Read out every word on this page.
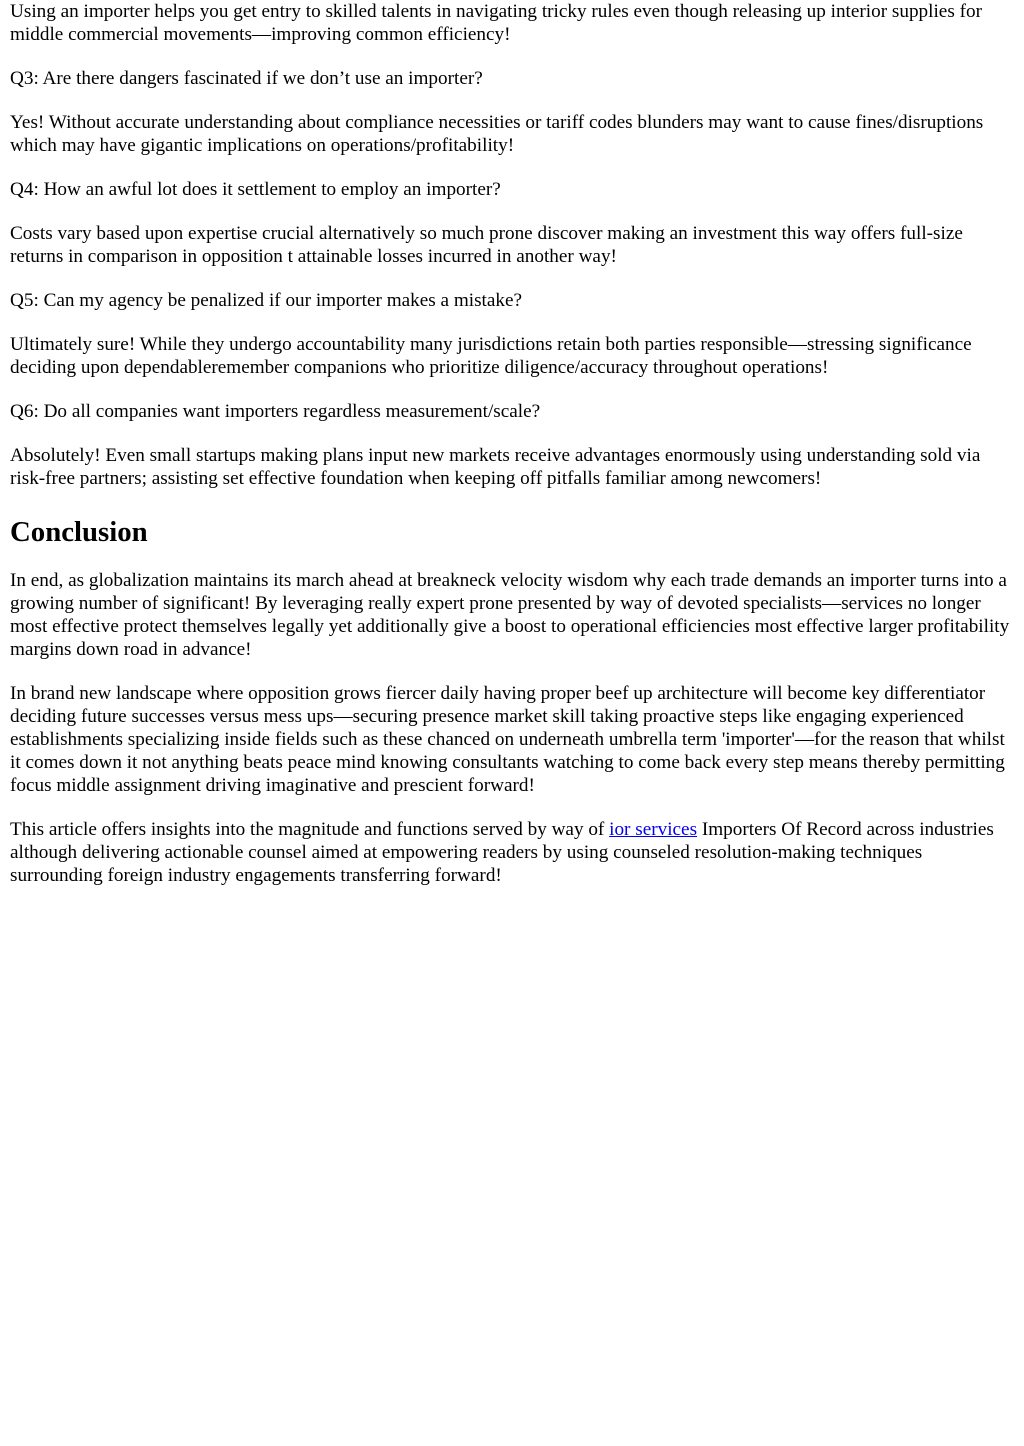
Using an importer helps you get entry to skilled talents in navigating tricky rules even though releasing up interior supplies for middle commercial movements—improving common efficiency!

Q3: Are there dangers fascinated if we don’t use an importer?

Yes! Without accurate understanding about compliance necessities or tariff codes blunders may want to cause fines/disruptions which may have gigantic implications on operations/profitability!

Q4: How an awful lot does it settlement to employ an importer?

Costs vary based upon expertise crucial alternatively so much prone discover making an investment this way offers full-size returns in comparison in opposition t attainable losses incurred in another way!

Q5: Can my agency be penalized if our importer makes a mistake?

Ultimately sure! While they undergo accountability many jurisdictions retain both parties responsible—stressing significance deciding upon dependableremember companions who prioritize diligence/accuracy throughout operations!

Q6: Do all companies want importers regardless measurement/scale?

Absolutely! Even small startups making plans input new markets receive advantages enormously using understanding sold via risk-free partners; assisting set effective foundation when keeping off pitfalls familiar among newcomers!

Conclusion

In end, as globalization maintains its march ahead at breakneck velocity wisdom why each trade demands an importer turns into a growing number of significant! By leveraging really expert prone presented by way of devoted specialists—services no longer most effective protect themselves legally yet additionally give a boost to operational efficiencies most effective larger profitability margins down road in advance!

In brand new landscape where opposition grows fiercer daily having proper beef up architecture will become key differentiator deciding future successes versus mess ups—securing presence market skill taking proactive steps like engaging experienced establishments specializing inside fields such as these chanced on underneath umbrella term 'importer'—for the reason that whilst it comes down it not anything beats peace mind knowing consultants watching to come back every step means thereby permitting focus middle assignment driving imaginative and prescient forward!

This article offers insights into the magnitude and functions served by way of ior services Importers Of Record across industries although delivering actionable counsel aimed at empowering readers by using counseled resolution-making techniques surrounding foreign industry engagements transferring forward!
